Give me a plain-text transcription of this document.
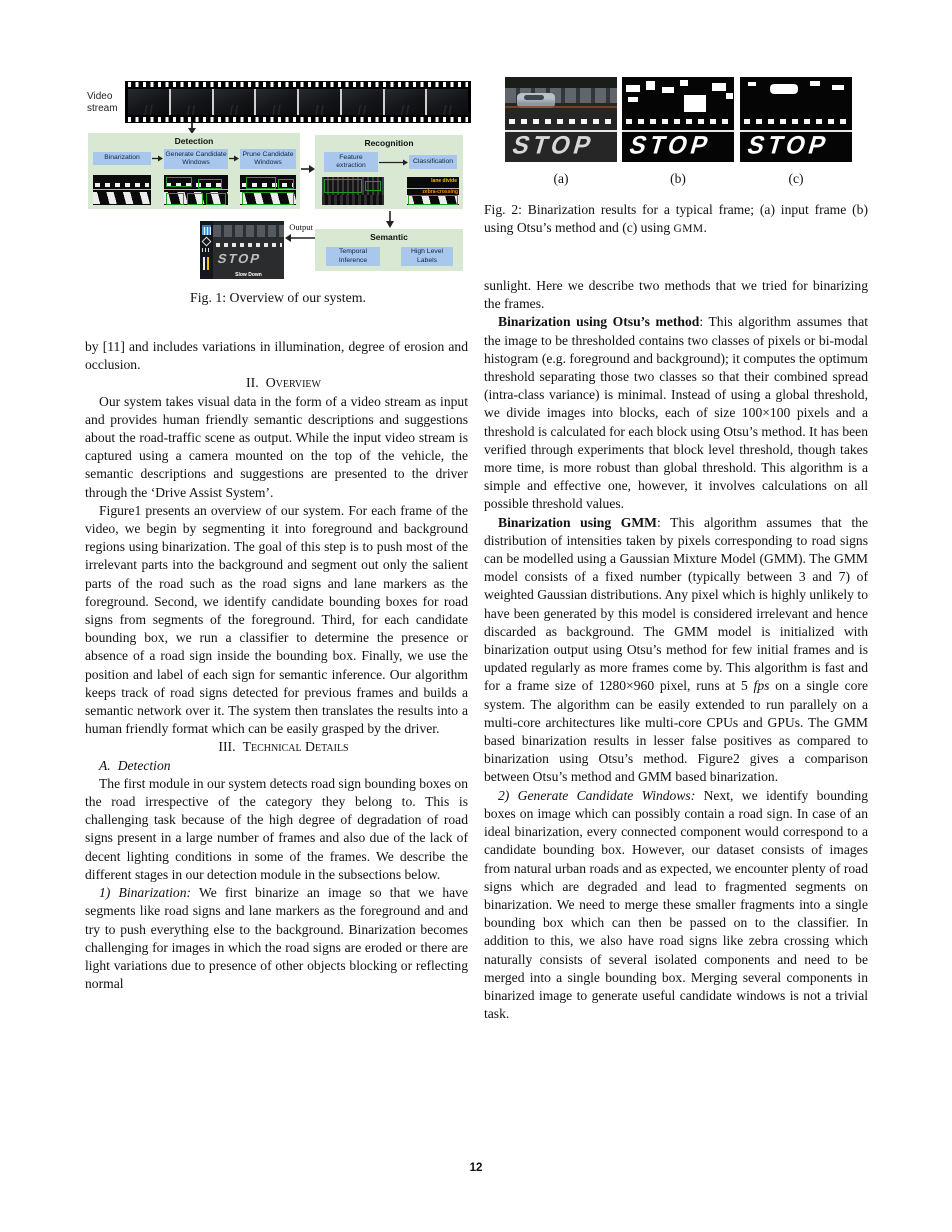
Video stream
Detection
Binarization	Generate Candidate Windows
Prune Candidate Windows
Recognition
Feature extraction
Classification
lane divide
zebra-crossing
Semantic
Temporal Inference
High Level Labels
Output
STOP
Slow Down
Fig. 1: Overview of our system.
STOP STOP STOP
(a)	(b)	(c)
Fig. 2: Binarization results for a typical frame; (a) input frame (b) using Otsu’s method and (c) using GMM.

by [11] and includes variations in illumination, degree of erosion and occlusion.

II. Overview

Our system takes visual data in the form of a video stream as input and provides human friendly semantic descriptions and suggestions about the road-traffic scene as output. While the input video stream is captured using a camera mounted on the top of the vehicle, the semantic descriptions and suggestions are presented to the driver through the ‘Drive Assist System’.

Figure1 presents an overview of our system. For each frame of the video, we begin by segmenting it into foreground and background regions using binarization. The goal of this step is to push most of the irrelevant parts into the background and segment out only the salient parts of the road such as the road signs and lane markers as the foreground. Second, we identify candidate bounding boxes for road signs from segments of the foreground. Third, for each candidate bounding box, we run a classifier to determine the presence or absence of a road sign inside the bounding box. Finally, we use the position and label of each sign for semantic inference. Our algorithm keeps track of road signs detected for previous frames and builds a semantic network over it. The system then translates the results into a human friendly format which can be easily grasped by the driver.

III. Technical Details

A. Detection

The first module in our system detects road sign bounding boxes on the road irrespective of the category they belong to. This is challenging task because of the high degree of degradation of road signs present in a large number of frames and also due of the lack of decent lighting conditions in some of the frames. We describe the different stages in our detection module in the subsections below.

1) Binarization: We first binarize an image so that we have segments like road signs and lane markers as the foreground and and try to push everything else to the background. Binarization becomes challenging for images in which the road signs are eroded or there are light variations due to presence of other objects blocking or reflecting normal

sunlight. Here we describe two methods that we tried for binarizing the frames.

Binarization using Otsu’s method: This algorithm assumes that the image to be thresholded contains two classes of pixels or bi-modal histogram (e.g. foreground and background); it computes the optimum threshold separating those two classes so that their combined spread (intra-class variance) is minimal. Instead of using a global threshold, we divide images into blocks, each of size 100×100 pixels and a threshold is calculated for each block using Otsu’s method. It has been verified through experiments that block level threshold, though takes more time, is more robust than global threshold. This algorithm is a simple and effective one, however, it involves calculations on all possible threshold values.

Binarization using GMM: This algorithm assumes that the distribution of intensities taken by pixels corresponding to road signs can be modelled using a Gaussian Mixture Model (GMM). The GMM model consists of a fixed number (typically between 3 and 7) of weighted Gaussian distributions. Any pixel which is highly unlikely to have been generated by this model is considered irrelevant and hence discarded as background. The GMM model is initialized with binarization output using Otsu’s method for few initial frames and is updated regularly as more frames come by. This algorithm is fast and for a frame size of 1280×960 pixel, runs at 5 fps on a single core system. The algorithm can be easily extended to run parallely on a multi-core architectures like multi-core CPUs and GPUs. The GMM based binarization results in lesser false positives as compared to binarization using Otsu’s method. Figure2 gives a comparison between Otsu’s method and GMM based binarization.

2) Generate Candidate Windows: Next, we identify bounding boxes on image which can possibly contain a road sign. In case of an ideal binarization, every connected component would correspond to a candidate bounding box. However, our dataset consists of images from natural urban roads and as expected, we encounter plenty of road signs which are degraded and lead to fragmented segments on binarization. We need to merge these smaller fragments into a single bounding box which can then be passed on to the classifier. In addition to this, we also have road signs like zebra crossing which naturally consists of several isolated components and need to be merged into a single bounding box. Merging several components in binarized image to generate useful candidate windows is not a trivial task.

12
